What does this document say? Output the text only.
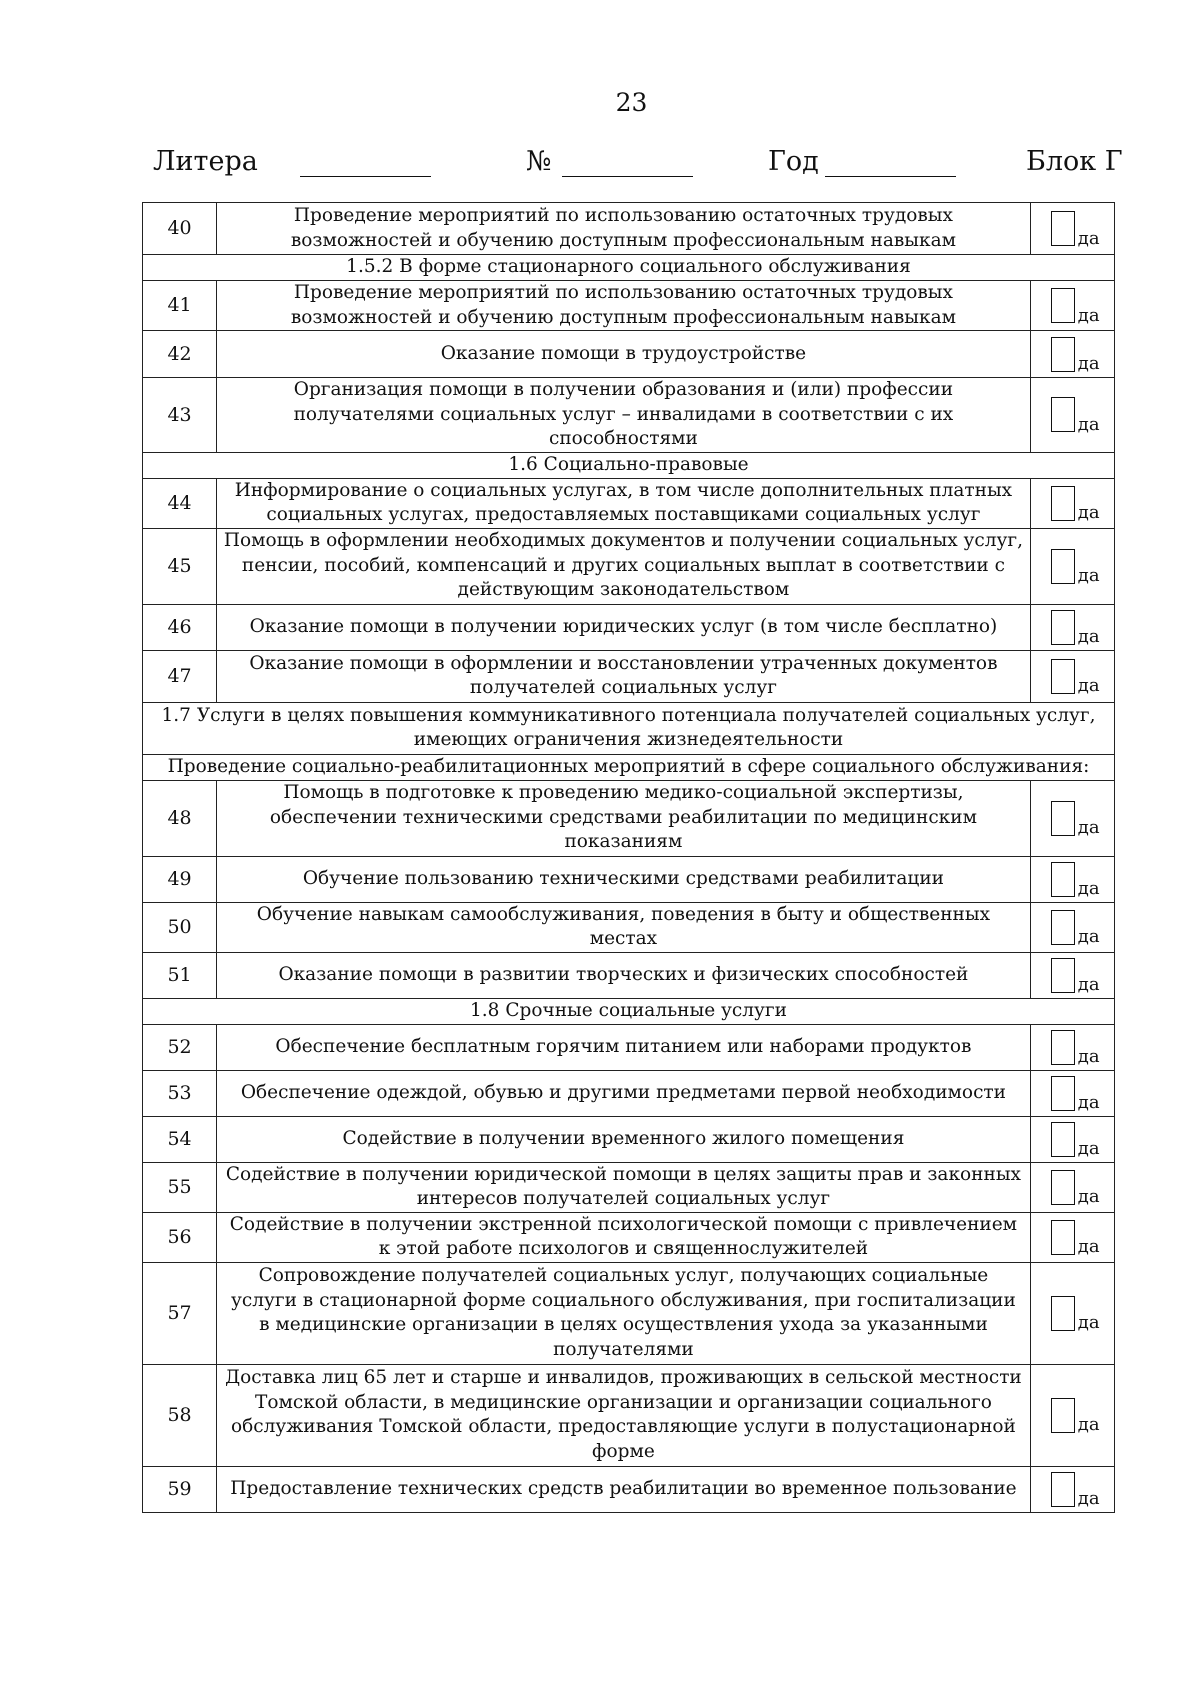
23
Литера	№	Год	Блок Г
40	Проведение мероприятий по использованию остаточных трудовых возможностей и обучению доступным профессиональным навыкам	да
1.5.2 В форме стационарного социального обслуживания		
41	Проведение мероприятий по использованию остаточных трудовых возможностей и обучению доступным профессиональным навыкам	да
42	Оказание помощи в трудоустройстве	да
43	Организация помощи в получении образования и (или) профессии получателями социальных услуг – инвалидами в соответствии с их способностями	да
1.6 Социально-правовые		
44	Информирование о социальных услугах, в том числе дополнительных платных социальных услугах, предоставляемых поставщиками социальных услуг	да
45	Помощь в оформлении необходимых документов и получении социальных услуг, пенсии, пособий, компенсаций и других социальных выплат в соответствии с действующим законодательством	да
46	Оказание помощи в получении юридических услуг (в том числе бесплатно)	да
47	Оказание помощи в оформлении и восстановлении утраченных документов получателей социальных услуг	да
1.7 Услуги в целях повышения коммуникативного потенциала получателей социальных услуг, имеющих ограничения жизнедеятельности		
Проведение социально-реабилитационных мероприятий в сфере социального обслуживания:		
48	Помощь в подготовке к проведению медико-социальной экспертизы, обеспечении техническими средствами реабилитации по медицинским показаниям	да
49	Обучение пользованию техническими средствами реабилитации	да
50	Обучение навыкам самообслуживания, поведения в быту и общественных местах	да
51	Оказание помощи в развитии творческих и физических способностей	да
1.8 Срочные социальные услуги		
52	Обеспечение бесплатным горячим питанием или наборами продуктов	да
53	Обеспечение одеждой, обувью и другими предметами первой необходимости	да
54	Содействие в получении временного жилого помещения	да
55	Содействие в получении юридической помощи в целях защиты прав и законных интересов получателей социальных услуг	да
56	Содействие в получении экстренной психологической помощи с привлечением к этой работе психологов и священнослужителей	да
57	Сопровождение получателей социальных услуг, получающих социальные услуги в стационарной форме социального обслуживания, при госпитализации в медицинские организации в целях осуществления ухода за указанными получателями	да
58	Доставка лиц 65 лет и старше и инвалидов, проживающих в сельской местности Томской области, в медицинские организации и организации социального обслуживания Томской области, предоставляющие услуги в полустационарной форме	да
59	Предоставление технических средств реабилитации во временное пользование	да
